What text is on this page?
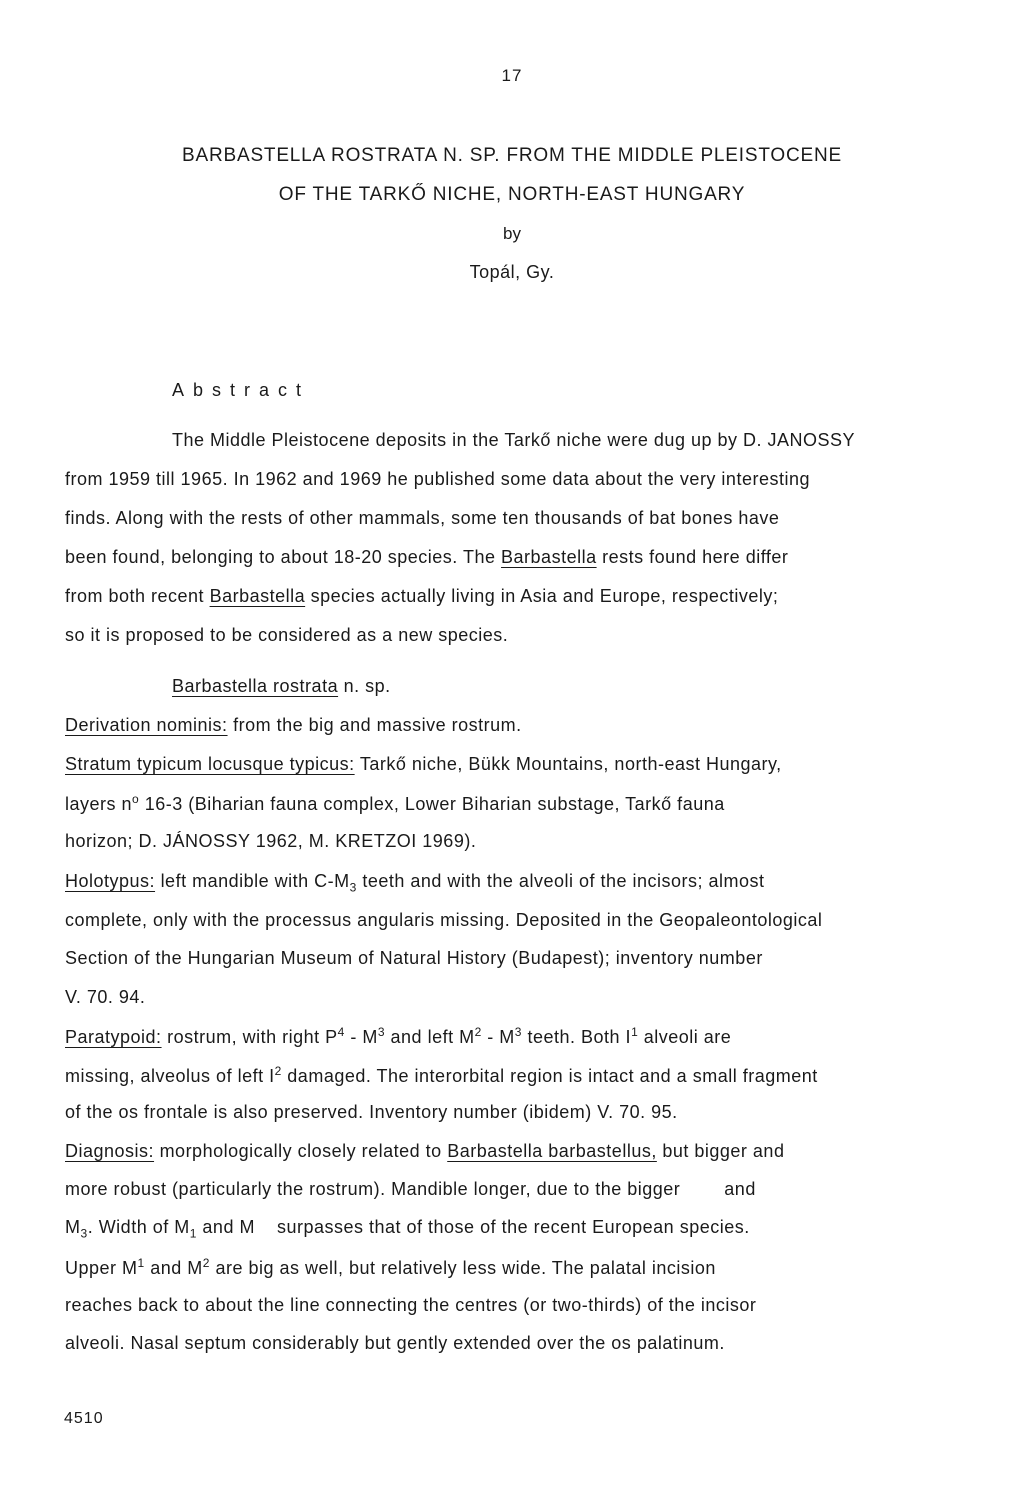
17
BARBASTELLA ROSTRATA N. SP. FROM THE MIDDLE PLEISTOCENE
OF THE TARKŐ NICHE, NORTH-EAST HUNGARY
by
Topál, Gy.
Abstract
The Middle Pleistocene deposits in the Tarkő niche were dug up by D. JANOSSY
from 1959 till 1965. In 1962 and 1969 he published some data about the very interesting
finds. Along with the rests of other mammals, some ten thousands of bat bones have
been found, belonging to about 18-20 species. The Barbastella rests found here differ
from both recent Barbastella species actually living in Asia and Europe, respectively;
so it is proposed to be considered as a new species.
Barbastella rostrata n. sp.
Derivation nominis: from the big and massive rostrum.
Stratum typicum locusque typicus: Tarkő niche, Bükk Mountains, north-east Hungary,
layers $n^o$ 16-3 (Biharian fauna complex, Lower Biharian substage, Tarkő fauna
horizon; D. JÁNOSSY 1962, M. KRETZOI 1969).
Holotypus: left mandible with $C-M_3$ teeth and with the alveoli of the incisors; almost
complete, only with the processus angularis missing. Deposited in the Geopaleontological
Section of the Hungarian Museum of Natural History (Budapest); inventory number
V. 70. 94.
Paratypoid: rostrum, with right $P^4 - M^3$ and left $M^2 - M^3$ teeth. Both $I^1$ alveoli are
missing, alveolus of left $I^2$ damaged. The interorbital region is intact and a small fragment
of the os frontale is also preserved. Inventory number (ibidem) V. 70. 95.
Diagnosis: morphologically closely related to Barbastella barbastellus, but bigger and
more robust (particularly the rostrum). Mandible longer, due to the bigger        and
$M_3$. Width of $M_1$ and M    surpasses that of those of the recent European species.
Upper $M^1$ and $M^2$ are big as well, but relatively less wide. The palatal incision
reaches back to about the line connecting the centres (or two-thirds) of the incisor
alveoli. Nasal septum considerably but gently extended over the os palatinum.
4510
